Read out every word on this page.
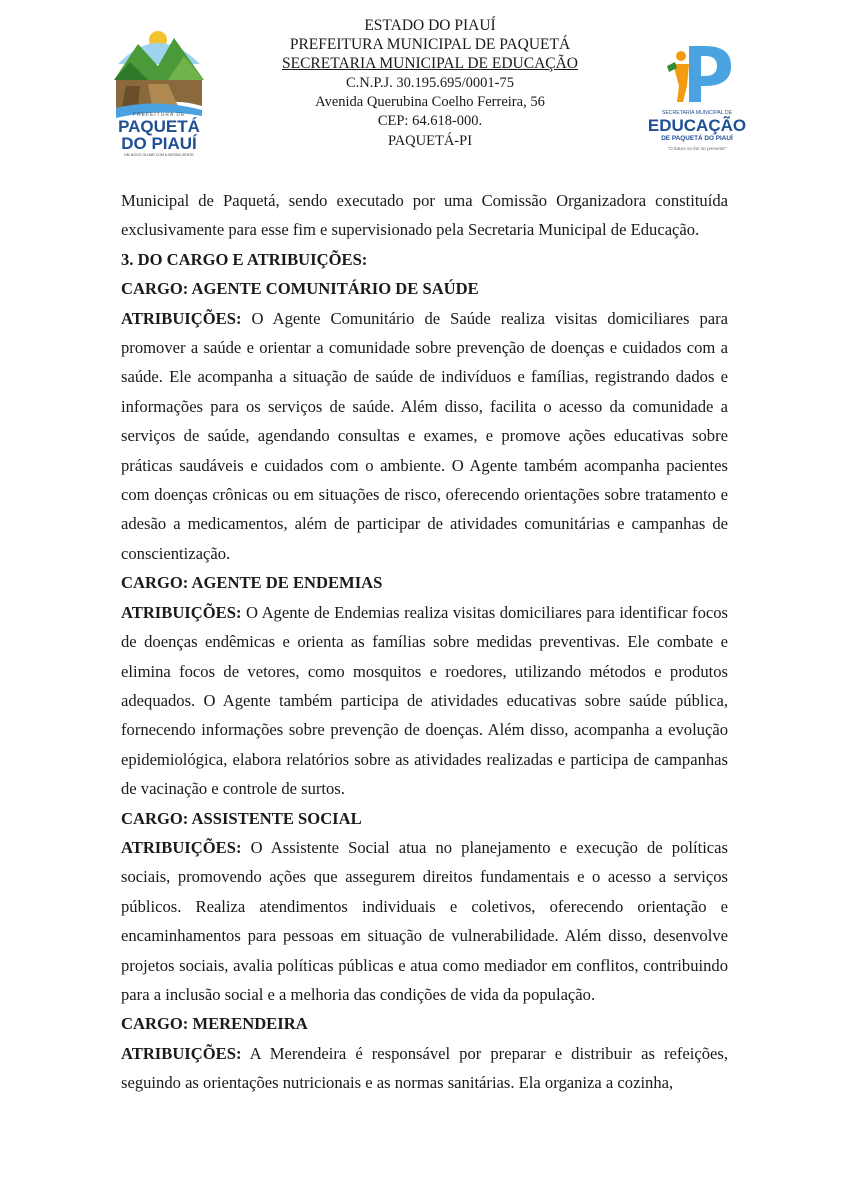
PREFEITURA DE
PAQUETÁ
DO PIAUÍ
UM NOVO OLHAR COM A NOSSA GENTE
ESTADO DO PIAUÍ
PREFEITURA MUNICIPAL DE PAQUETÁ
SECRETARIA MUNICIPAL DE EDUCAÇÃO
C.N.P.J. 30.195.695/0001-75
Avenida Querubina Coelho Ferreira, 56
CEP: 64.618-000.
PAQUETÁ-PI
SECRETARIA MUNICIPAL DE
EDUCAÇÃO
DE PAQUETÁ DO PIAUÍ
"O futuro se faz no presente"

Municipal de Paquetá, sendo executado por uma Comissão Organizadora constituída exclusivamente para esse fim e supervisionado pela Secretaria Municipal de Educação.

3. DO CARGO E ATRIBUIÇÕES:

CARGO: AGENTE COMUNITÁRIO DE SAÚDE

ATRIBUIÇÕES: O Agente Comunitário de Saúde realiza visitas domiciliares para promover a saúde e orientar a comunidade sobre prevenção de doenças e cuidados com a saúde. Ele acompanha a situação de saúde de indivíduos e famílias, registrando dados e informações para os serviços de saúde. Além disso, facilita o acesso da comunidade a serviços de saúde, agendando consultas e exames, e promove ações educativas sobre práticas saudáveis e cuidados com o ambiente. O Agente também acompanha pacientes com doenças crônicas ou em situações de risco, oferecendo orientações sobre tratamento e adesão a medicamentos, além de participar de atividades comunitárias e campanhas de conscientização.

CARGO: AGENTE DE ENDEMIAS

ATRIBUIÇÕES: O Agente de Endemias realiza visitas domiciliares para identificar focos de doenças endêmicas e orienta as famílias sobre medidas preventivas. Ele combate e elimina focos de vetores, como mosquitos e roedores, utilizando métodos e produtos adequados. O Agente também participa de atividades educativas sobre saúde pública, fornecendo informações sobre prevenção de doenças. Além disso, acompanha a evolução epidemiológica, elabora relatórios sobre as atividades realizadas e participa de campanhas de vacinação e controle de surtos.

CARGO: ASSISTENTE SOCIAL

ATRIBUIÇÕES: O Assistente Social atua no planejamento e execução de políticas sociais, promovendo ações que assegurem direitos fundamentais e o acesso a serviços públicos. Realiza atendimentos individuais e coletivos, oferecendo orientação e encaminhamentos para pessoas em situação de vulnerabilidade. Além disso, desenvolve projetos sociais, avalia políticas públicas e atua como mediador em conflitos, contribuindo para a inclusão social e a melhoria das condições de vida da população.

CARGO: MERENDEIRA

ATRIBUIÇÕES: A Merendeira é responsável por preparar e distribuir as refeições, seguindo as orientações nutricionais e as normas sanitárias. Ela organiza a cozinha,
